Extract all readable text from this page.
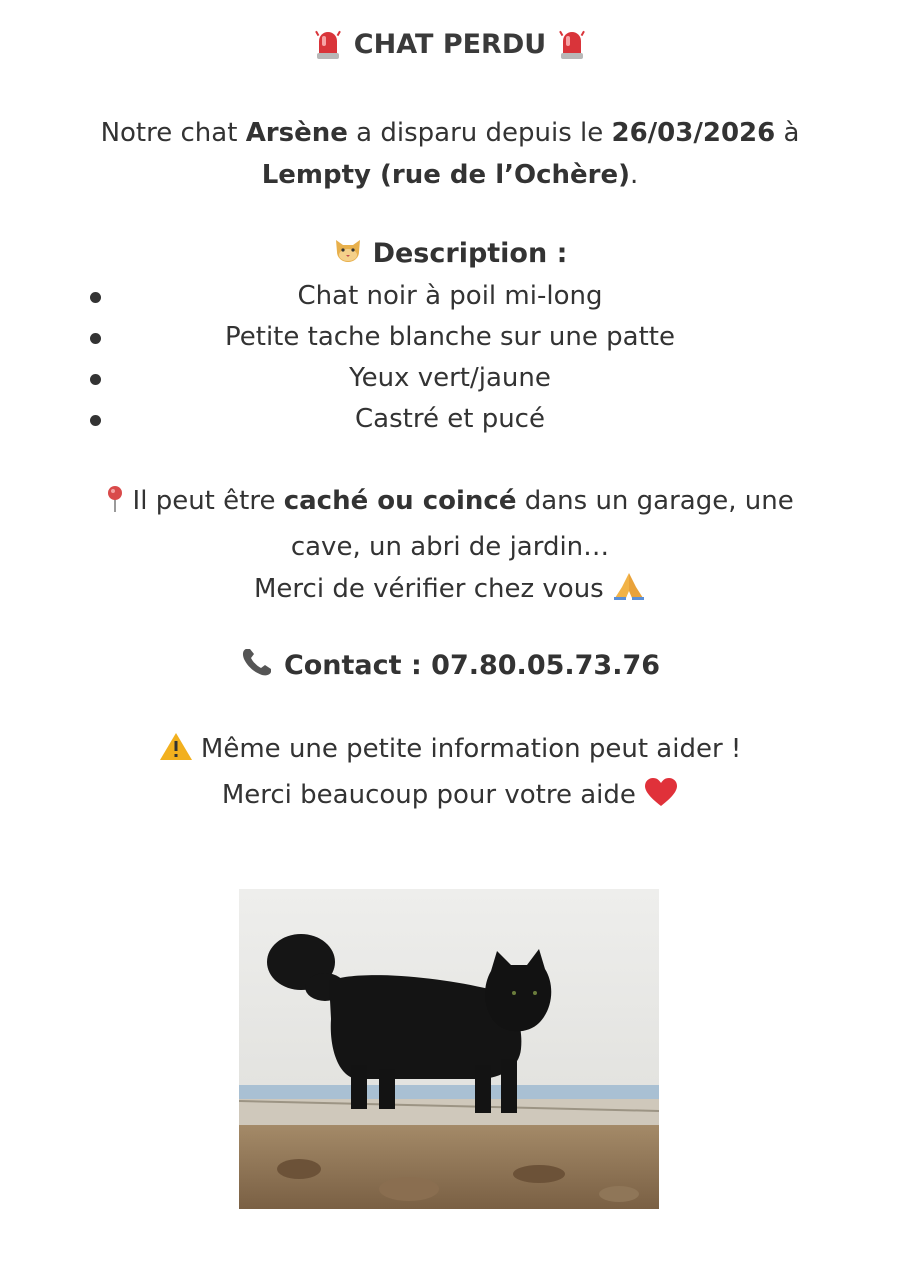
CHAT PERDU
Notre chat Arsène a disparu depuis le 26/03/2026 à
Lempty (rue de l’Ochère).
Description :
Chat noir à poil mi-long
Petite tache blanche sur une patte
Yeux vert/jaune
Castré et pucé
Il peut être caché ou coincé dans un garage, une
cave, un abri de jardin…
Merci de vérifier chez vous
Contact : 07.80.05.73.76
Même une petite information peut aider !
Merci beaucoup pour votre aide
